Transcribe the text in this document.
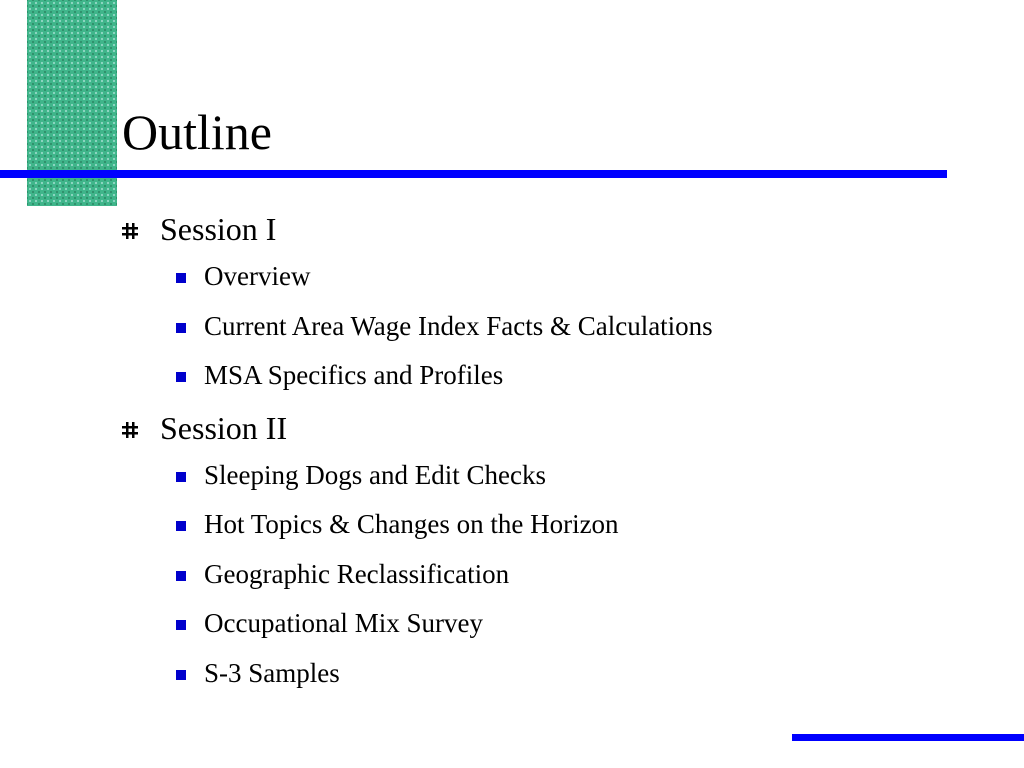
Outline
Session I
Overview
Current Area Wage Index Facts & Calculations
MSA Specifics and Profiles
Session II
Sleeping Dogs and Edit Checks
Hot Topics & Changes on the Horizon
Geographic Reclassification
Occupational Mix Survey
S-3 Samples
